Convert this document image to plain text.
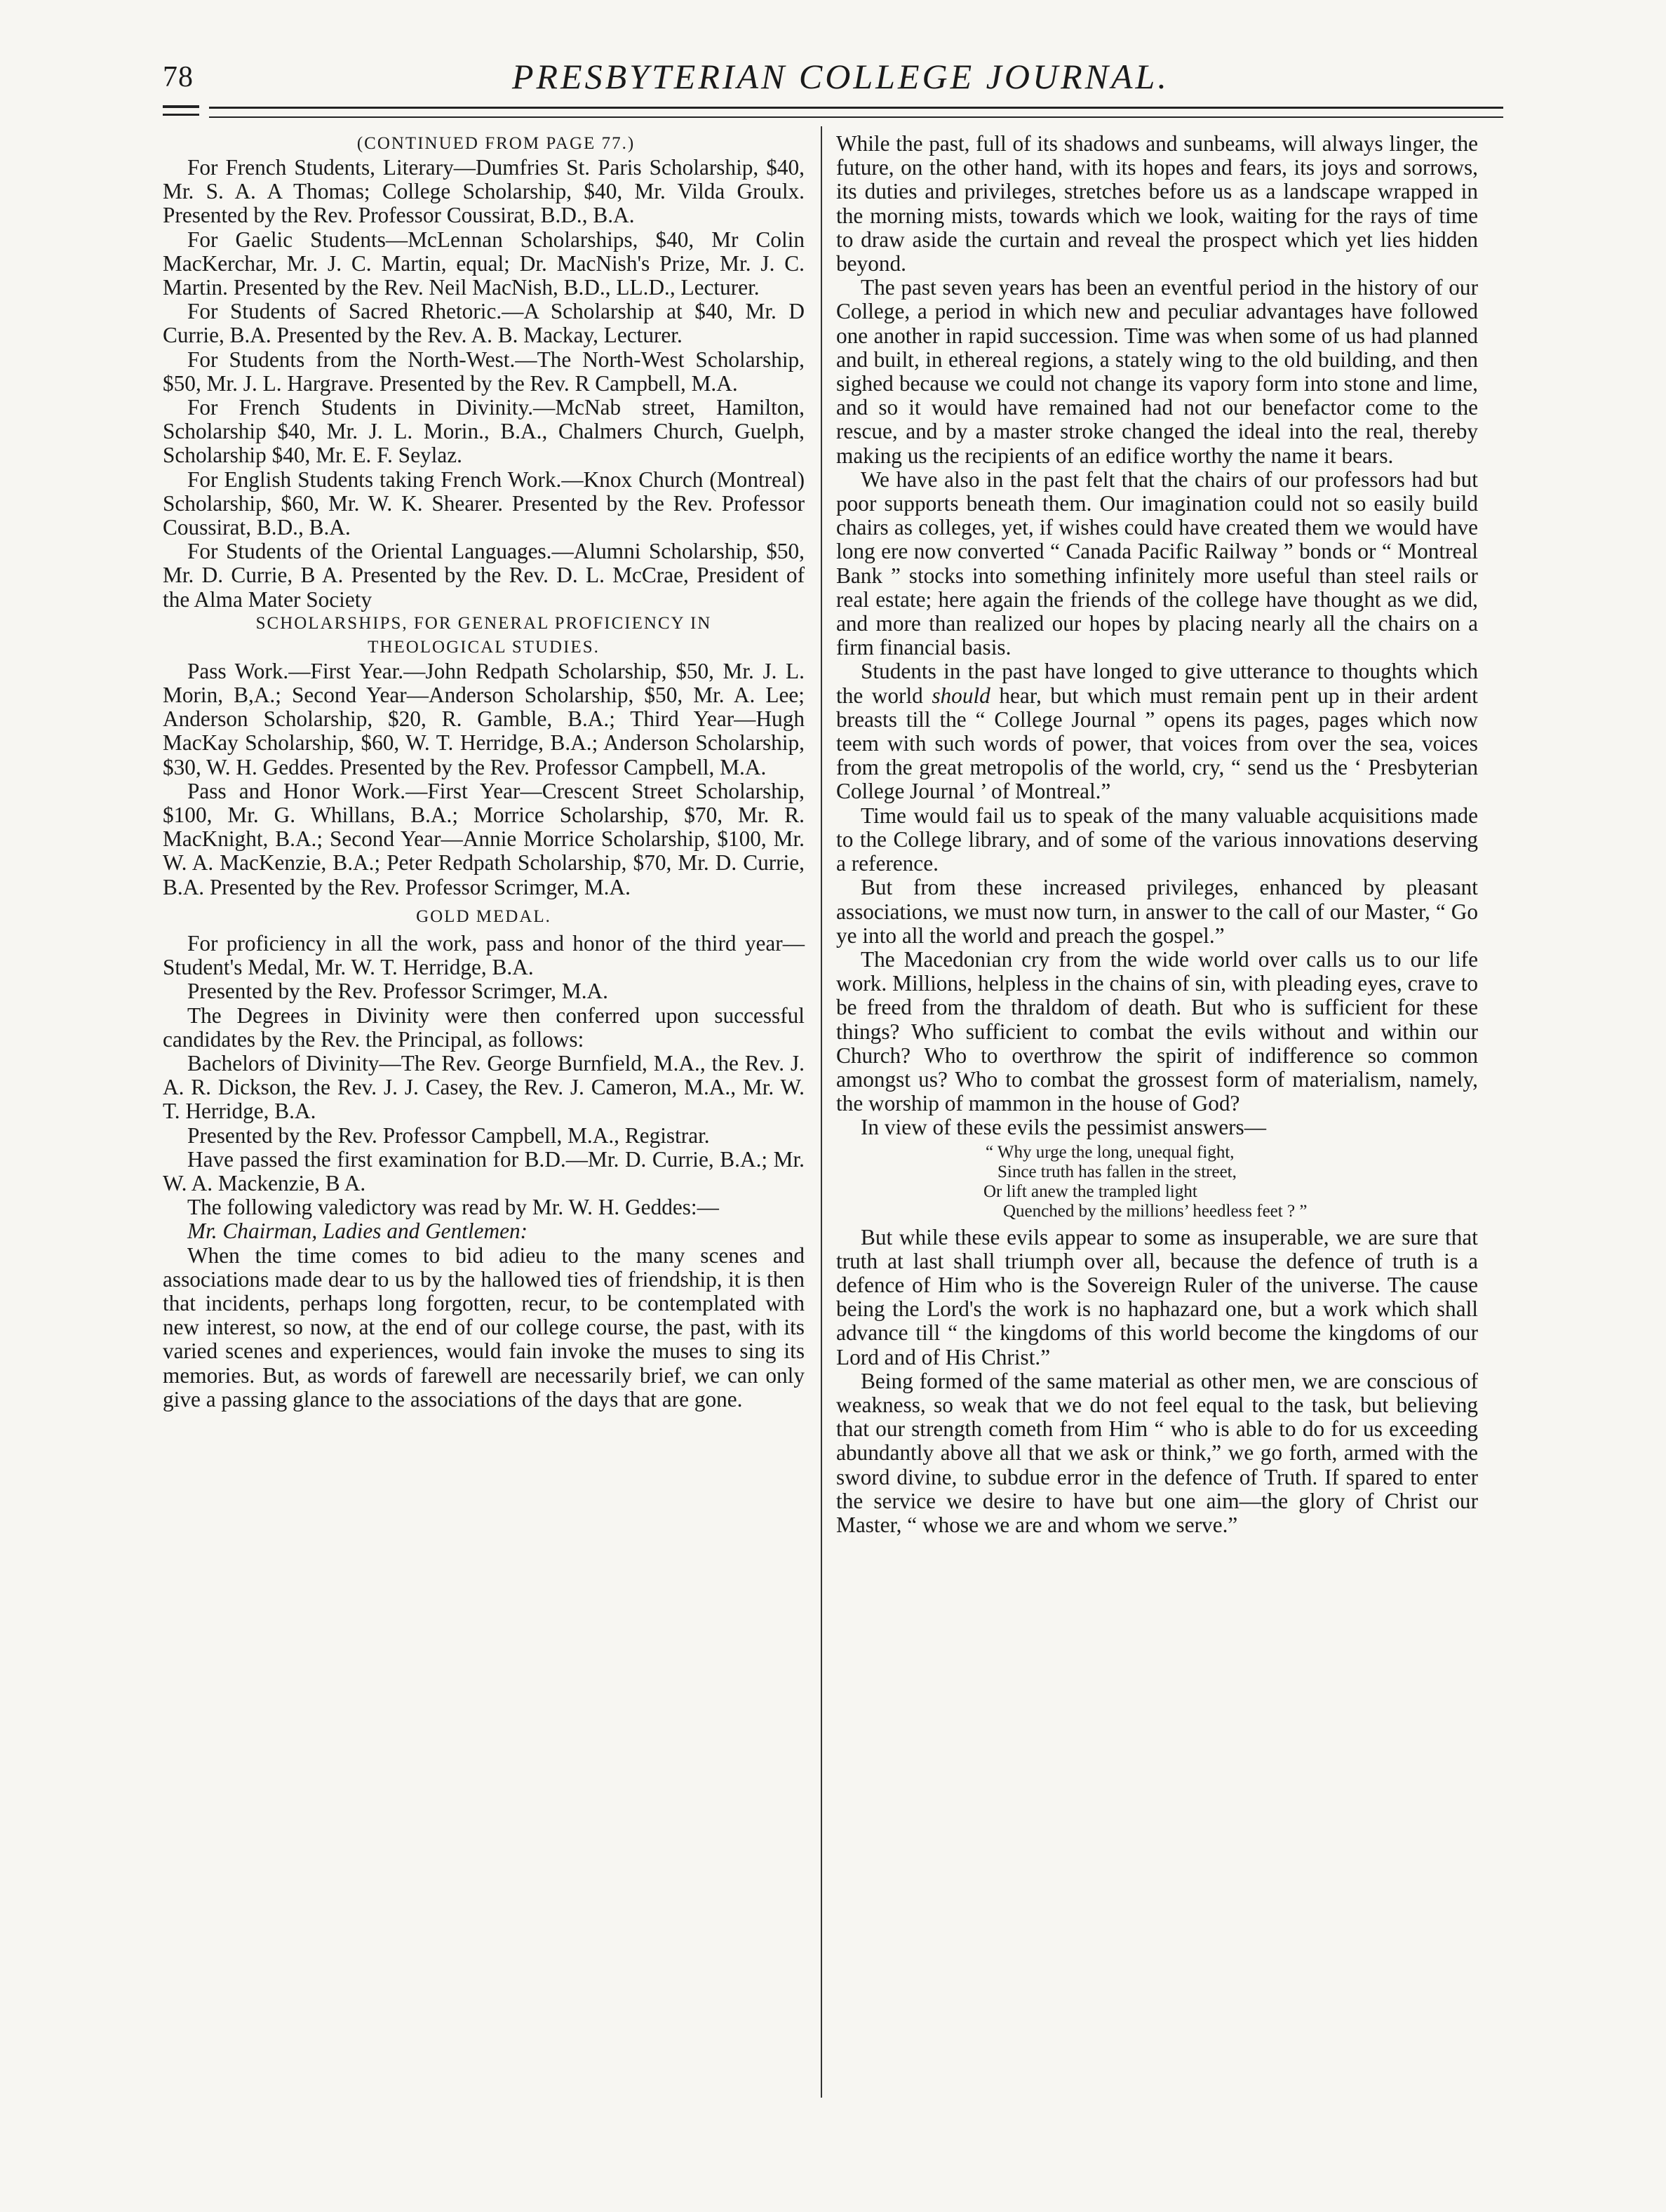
78	PRESBYTERIAN COLLEGE JOURNAL.

(CONTINUED FROM PAGE 77.)

For French Students, Literary—Dumfries St. Paris Scholarship, $40, Mr. S. A. A Thomas; College Scholarship, $40, Mr. Vilda Groulx. Presented by the Rev. Professor Coussirat, B.D., B.A.

For Gaelic Students—McLennan Scholarships, $40, Mr Colin MacKerchar, Mr. J. C. Martin, equal; Dr. MacNish's Prize, Mr. J. C. Martin. Presented by the Rev. Neil MacNish, B.D., LL.D., Lecturer.

For Students of Sacred Rhetoric.—A Scholarship at $40, Mr. D Currie, B.A. Presented by the Rev. A. B. Mackay, Lecturer.

For Students from the North-West.—The North-West Scholarship, $50, Mr. J. L. Hargrave. Presented by the Rev. R Campbell, M.A.

For French Students in Divinity.—McNab street, Hamilton, Scholarship $40, Mr. J. L. Morin., B.A., Chalmers Church, Guelph, Scholarship $40, Mr. E. F. Seylaz.

For English Students taking French Work.—Knox Church (Montreal) Scholarship, $60, Mr. W. K. Shearer. Presented by the Rev. Professor Coussirat, B.D., B.A.

For Students of the Oriental Languages.—Alumni Scholarship, $50, Mr. D. Currie, B A. Presented by the Rev. D. L. McCrae, President of the Alma Mater Society

SCHOLARSHIPS, FOR GENERAL PROFICIENCY IN
THEOLOGICAL STUDIES.

Pass Work.—First Year.—John Redpath Scholarship, $50, Mr. J. L. Morin, B,A.; Second Year—Anderson Scholarship, $50, Mr. A. Lee; Anderson Scholarship, $20, R. Gamble, B.A.; Third Year—Hugh MacKay Scholarship, $60, W. T. Herridge, B.A.; Anderson Scholarship, $30, W. H. Geddes. Presented by the Rev. Professor Campbell, M.A.

Pass and Honor Work.—First Year—Crescent Street Scholarship, $100, Mr. G. Whillans, B.A.; Morrice Scholarship, $70, Mr. R. MacKnight, B.A.; Second Year—Annie Morrice Scholarship, $100, Mr. W. A. MacKenzie, B.A.; Peter Redpath Scholarship, $70, Mr. D. Currie, B.A. Presented by the Rev. Professor Scrimger, M.A.

GOLD MEDAL.

For proficiency in all the work, pass and honor of the third year—Student's Medal, Mr. W. T. Herridge, B.A.

Presented by the Rev. Professor Scrimger, M.A.

The Degrees in Divinity were then conferred upon successful candidates by the Rev. the Principal, as follows:

Bachelors of Divinity—The Rev. George Burnfield, M.A., the Rev. J. A. R. Dickson, the Rev. J. J. Casey, the Rev. J. Cameron, M.A., Mr. W. T. Herridge, B.A.

Presented by the Rev. Professor Campbell, M.A., Registrar.

Have passed the first examination for B.D.—Mr. D. Currie, B.A.; Mr. W. A. Mackenzie, B A.

The following valedictory was read by Mr. W. H. Geddes:—

Mr. Chairman, Ladies and Gentlemen:

When the time comes to bid adieu to the many scenes and associations made dear to us by the hallowed ties of friendship, it is then that incidents, perhaps long forgotten, recur, to be contemplated with new interest, so now, at the end of our college course, the past, with its varied scenes and experiences, would fain invoke the muses to sing its memories. But, as words of farewell are necessarily brief, we can only give a passing glance to the associations of the days that are gone.

While the past, full of its shadows and sunbeams, will always linger, the future, on the other hand, with its hopes and fears, its joys and sorrows, its duties and privileges, stretches before us as a landscape wrapped in the morning mists, towards which we look, waiting for the rays of time to draw aside the curtain and reveal the prospect which yet lies hidden beyond.

The past seven years has been an eventful period in the history of our College, a period in which new and peculiar advantages have followed one another in rapid succession. Time was when some of us had planned and built, in ethereal regions, a stately wing to the old building, and then sighed because we could not change its vapory form into stone and lime, and so it would have remained had not our benefactor come to the rescue, and by a master stroke changed the ideal into the real, thereby making us the recipients of an edifice worthy the name it bears.

We have also in the past felt that the chairs of our professors had but poor supports beneath them. Our imagination could not so easily build chairs as colleges, yet, if wishes could have created them we would have long ere now converted “ Canada Pacific Railway ” bonds or “ Montreal Bank ” stocks into something infinitely more useful than steel rails or real estate; here again the friends of the college have thought as we did, and more than realized our hopes by placing nearly all the chairs on a firm financial basis.

Students in the past have longed to give utterance to thoughts which the world should hear, but which must remain pent up in their ardent breasts till the “ College Journal ” opens its pages, pages which now teem with such words of power, that voices from over the sea, voices from the great metropolis of the world, cry, “ send us the ‘ Presbyterian College Journal ’ of Montreal.”

Time would fail us to speak of the many valuable acquisitions made to the College library, and of some of the various innovations deserving a reference.

But from these increased privileges, enhanced by pleasant associations, we must now turn, in answer to the call of our Master, “ Go ye into all the world and preach the gospel.”

The Macedonian cry from the wide world over calls us to our life work. Millions, helpless in the chains of sin, with pleading eyes, crave to be freed from the thraldom of death. But who is sufficient for these things? Who sufficient to combat the evils without and within our Church? Who to overthrow the spirit of indifference so common amongst us? Who to combat the grossest form of materialism, namely, the worship of mammon in the house of God?

In view of these evils the pessimist answers—

“ Why urge the long, unequal fight,
Since truth has fallen in the street,
Or lift anew the trampled light
Quenched by the millions’ heedless feet ? ”

But while these evils appear to some as insuperable, we are sure that truth at last shall triumph over all, because the defence of truth is a defence of Him who is the Sovereign Ruler of the universe. The cause being the Lord's the work is no haphazard one, but a work which shall advance till “ the kingdoms of this world become the kingdoms of our Lord and of His Christ.”

Being formed of the same material as other men, we are conscious of weakness, so weak that we do not feel equal to the task, but believing that our strength cometh from Him “ who is able to do for us exceeding abundantly above all that we ask or think,” we go forth, armed with the sword divine, to subdue error in the defence of Truth. If spared to enter the service we desire to have but one aim—the glory of Christ our Master, “ whose we are and whom we serve.”
